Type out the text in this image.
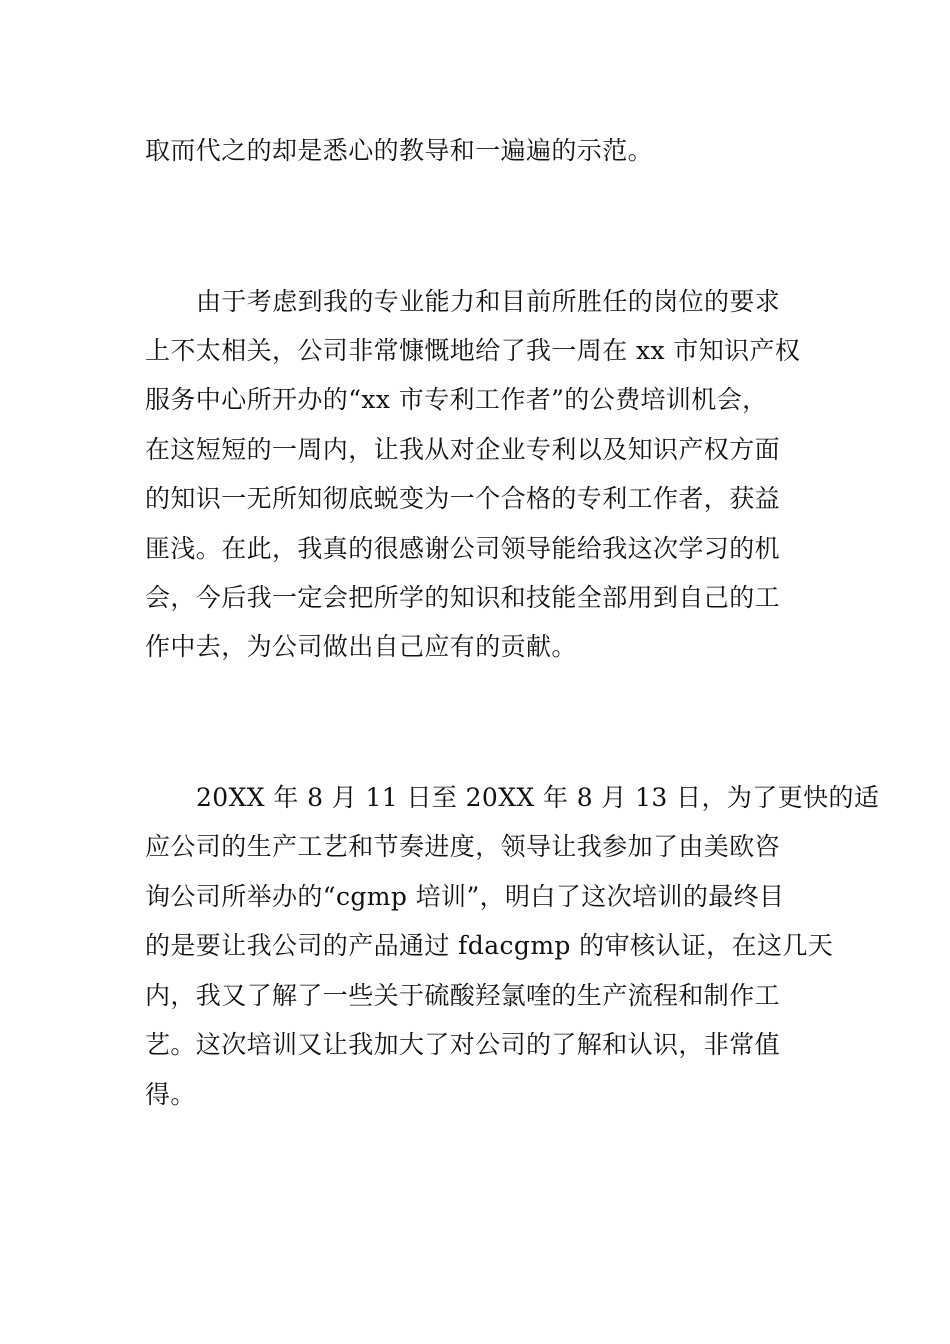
取而代之的却是悉心的教导和一遍遍的示范。
由于考虑到我的专业能力和目前所胜任的岗位的要求
上不太相关，公司非常慷慨地给了我一周在 xx 市知识产权
服务中心所开办的“xx 市专利工作者”的公费培训机会，
在这短短的一周内，让我从对企业专利以及知识产权方面
的知识一无所知彻底蜕变为一个合格的专利工作者，获益
匪浅。在此，我真的很感谢公司领导能给我这次学习的机
会，今后我一定会把所学的知识和技能全部用到自己的工
作中去，为公司做出自己应有的贡献。
20XX 年 8 月 11 日至 20XX 年 8 月 13 日，为了更快的适
应公司的生产工艺和节奏进度，领导让我参加了由美欧咨
询公司所举办的“cgmp 培训”，明白了这次培训的最终目
的是要让我公司的产品通过 fdacgmp 的审核认证，在这几天
内，我又了解了一些关于硫酸羟氯喹的生产流程和制作工
艺。这次培训又让我加大了对公司的了解和认识，非常值
得。
